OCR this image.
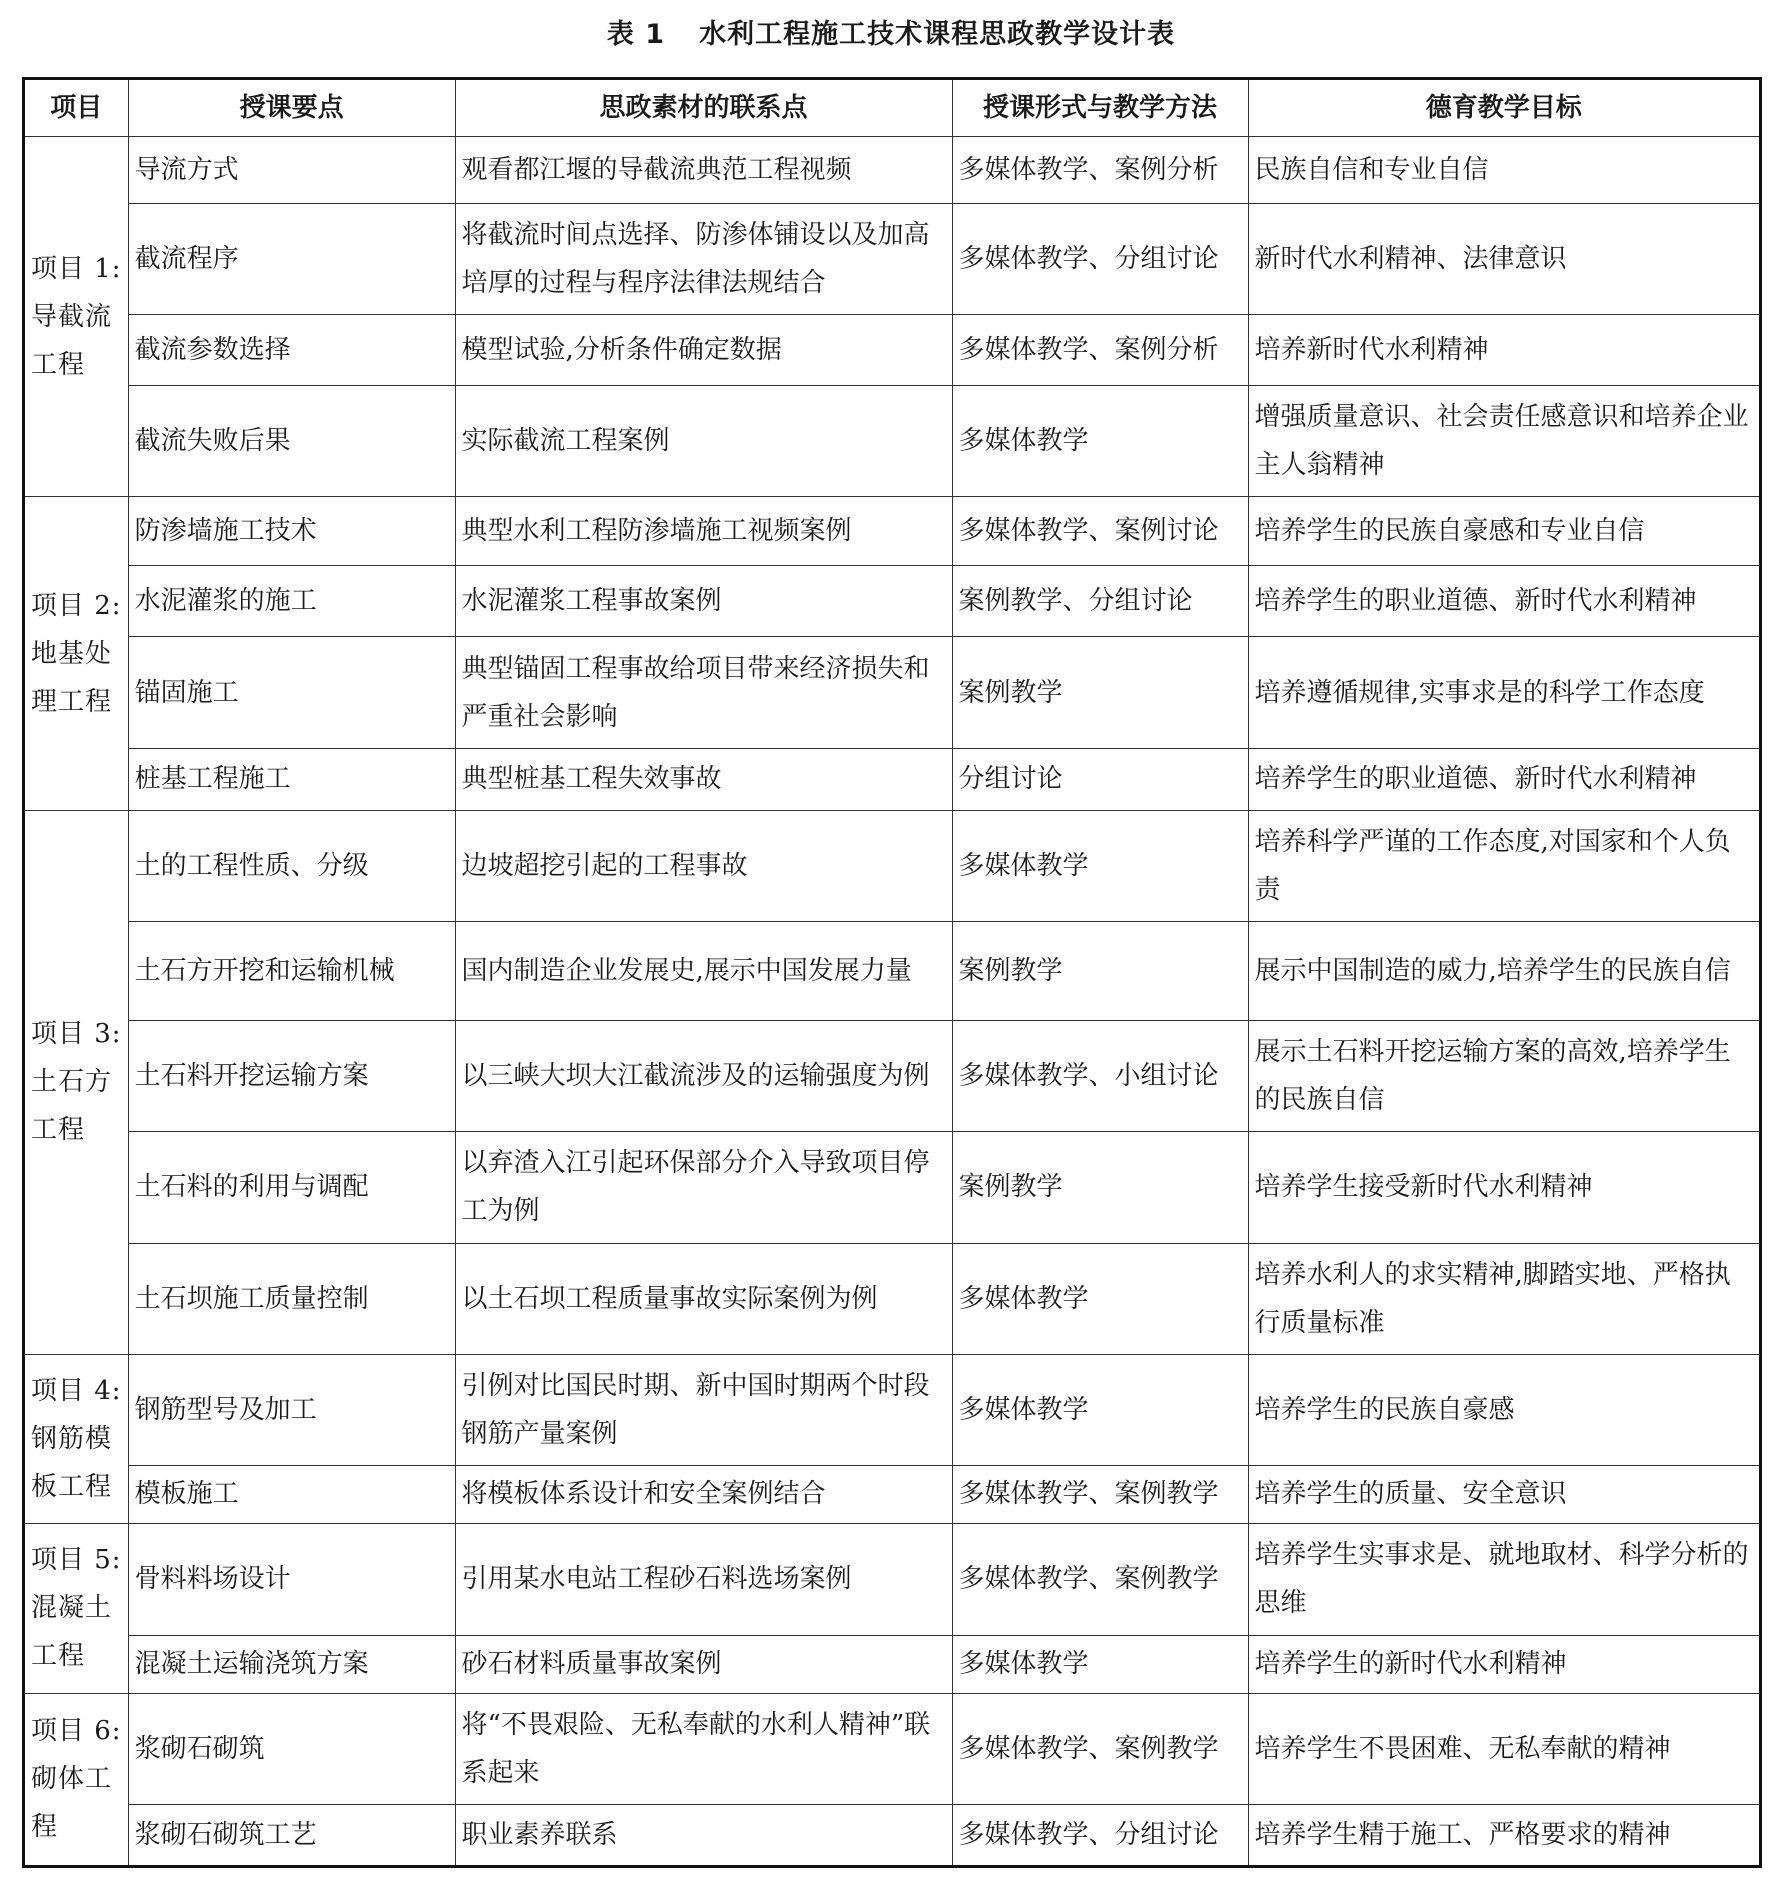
表 1 水利工程施工技术课程思政教学设计表
项目	授课要点	思政素材的联系点	授课形式与教学方法	德育教学目标

项目 1:
导截流
工程	导流方式	观看都江堰的导截流典范工程视频	多媒体教学、案例分析	民族自信和专业自信
	截流程序	将截流时间点选择、防渗体铺设以及加高培厚的过程与程序法律法规结合	多媒体教学、分组讨论	新时代水利精神、法律意识
	截流参数选择	模型试验,分析条件确定数据	多媒体教学、案例分析	培养新时代水利精神
	截流失败后果	实际截流工程案例	多媒体教学	增强质量意识、社会责任感意识和培养企业主人翁精神

项目 2:
地基处
理工程	防渗墙施工技术	典型水利工程防渗墙施工视频案例	多媒体教学、案例讨论	培养学生的民族自豪感和专业自信
	水泥灌浆的施工	水泥灌浆工程事故案例	案例教学、分组讨论	培养学生的职业道德、新时代水利精神
	锚固施工	典型锚固工程事故给项目带来经济损失和严重社会影响	案例教学	培养遵循规律,实事求是的科学工作态度
	桩基工程施工	典型桩基工程失效事故	分组讨论	培养学生的职业道德、新时代水利精神

项目 3:
土石方
工程	土的工程性质、分级	边坡超挖引起的工程事故	多媒体教学	培养科学严谨的工作态度,对国家和个人负责
	土石方开挖和运输机械	国内制造企业发展史,展示中国发展力量	案例教学	展示中国制造的威力,培养学生的民族自信
	土石料开挖运输方案	以三峡大坝大江截流涉及的运输强度为例	多媒体教学、小组讨论	展示土石料开挖运输方案的高效,培养学生的民族自信
	土石料的利用与调配	以弃渣入江引起环保部分介入导致项目停工为例	案例教学	培养学生接受新时代水利精神
	土石坝施工质量控制	以土石坝工程质量事故实际案例为例	多媒体教学	培养水利人的求实精神,脚踏实地、严格执行质量标准

项目 4:
钢筋模
板工程	钢筋型号及加工	引例对比国民时期、新中国时期两个时段钢筋产量案例	多媒体教学	培养学生的民族自豪感
	模板施工	将模板体系设计和安全案例结合	多媒体教学、案例教学	培养学生的质量、安全意识

项目 5:
混凝土
工程	骨料料场设计	引用某水电站工程砂石料选场案例	多媒体教学、案例教学	培养学生实事求是、就地取材、科学分析的思维
	混凝土运输浇筑方案	砂石材料质量事故案例	多媒体教学	培养学生的新时代水利精神

项目 6:
砌体工
程	浆砌石砌筑	将“不畏艰险、无私奉献的水利人精神”联系起来	多媒体教学、案例教学	培养学生不畏困难、无私奉献的精神
	浆砌石砌筑工艺	职业素养联系	多媒体教学、分组讨论	培养学生精于施工、严格要求的精神
